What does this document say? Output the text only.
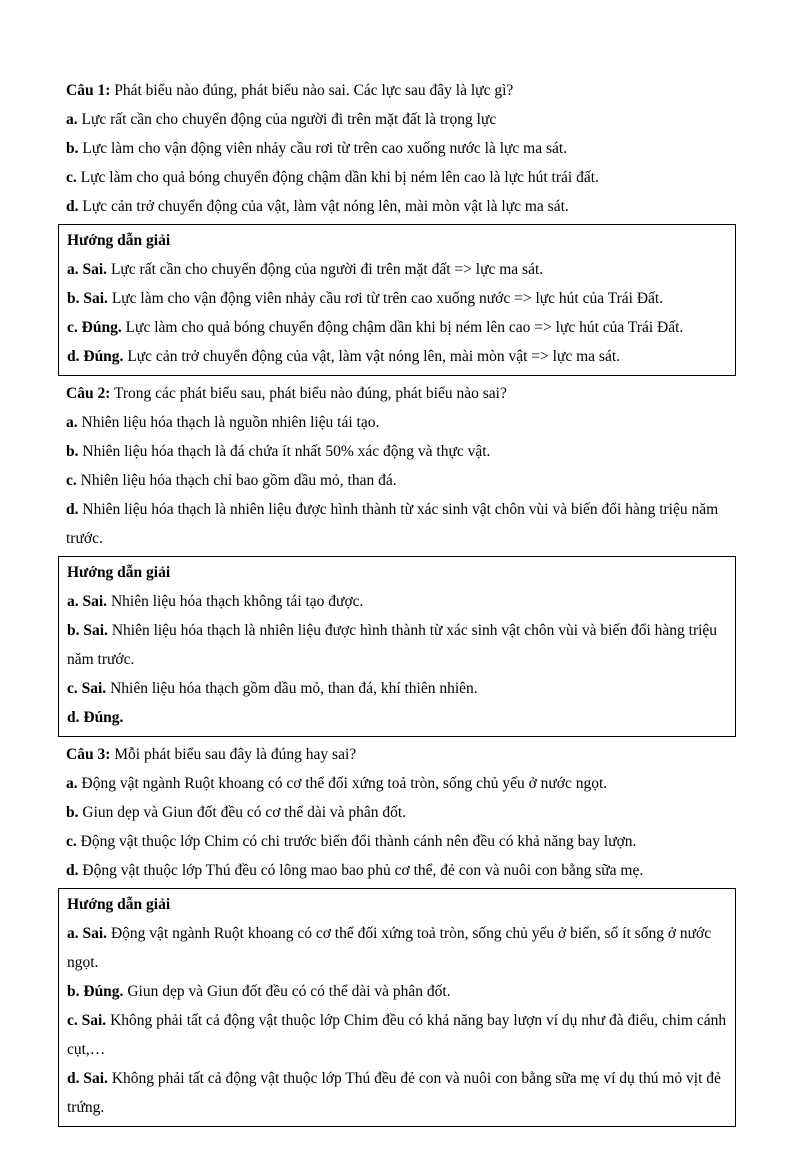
Câu 1: Phát biểu nào đúng, phát biểu nào sai. Các lực sau đây là lực gì?

a. Lực rất cần cho chuyển động của người đi trên mặt đất là trọng lực

b. Lực làm cho vận động viên nhảy cầu rơi từ trên cao xuống nước là lực ma sát.

c. Lực làm cho quả bóng chuyển động chậm dần khi bị ném lên cao là lực hút trái đất.

d. Lực cản trở chuyển động của vật, làm vật nóng lên, mài mòn vật là lực ma sát.

Hướng dẫn giải

a. Sai. Lực rất cần cho chuyển động của người đi trên mặt đất => lực ma sát.

b. Sai. Lực làm cho vận động viên nhảy cầu rơi từ trên cao xuống nước => lực hút của Trái Đất.

c. Đúng. Lực làm cho quả bóng chuyển động chậm dần khi bị ném lên cao => lực hút của Trái Đất.

d. Đúng. Lực cản trở chuyển động của vật, làm vật nóng lên, mài mòn vật => lực ma sát.

Câu 2: Trong các phát biểu sau, phát biểu nào đúng, phát biểu nào sai?

a. Nhiên liệu hóa thạch là nguồn nhiên liệu tái tạo.

b. Nhiên liệu hóa thạch là đá chứa ít nhất 50% xác động và thực vật.

c. Nhiên liệu hóa thạch chỉ bao gồm dầu mỏ, than đá.

d. Nhiên liệu hóa thạch là nhiên liệu được hình thành từ xác sinh vật chôn vùi và biến đổi hàng triệu năm trước.

Hướng dẫn giải

a. Sai. Nhiên liệu hóa thạch không tái tạo được.

b. Sai. Nhiên liệu hóa thạch là nhiên liệu được hình thành từ xác sinh vật chôn vùi và biến đổi hàng triệu năm trước.

c. Sai. Nhiên liệu hóa thạch gồm dầu mỏ, than đá, khí thiên nhiên.

d. Đúng.

Câu 3: Mỗi phát biểu sau đây là đúng hay sai?

a. Động vật ngành Ruột khoang có cơ thể đối xứng toả tròn, sống chủ yếu ở nước ngọt.

b. Giun dẹp và Giun đốt đều có cơ thể dài và phân đốt.

c. Động vật thuộc lớp Chim có chi trước biến đổi thành cánh nên đều có khả năng bay lượn.

d. Động vật thuộc lớp Thú đều có lông mao bao phủ cơ thể, đẻ con và nuôi con bằng sữa mẹ.

Hướng dẫn giải

a. Sai. Động vật ngành Ruột khoang có cơ thể đối xứng toả tròn, sống chủ yếu ở biển, số ít sống ở nước ngọt.

b. Đúng. Giun dẹp và Giun đốt đều có có thể dài và phân đốt.

c. Sai. Không phải tất cả động vật thuộc lớp Chim đều có khả năng bay lượn ví dụ như đà điểu, chim cánh cụt,…

d. Sai. Không phải tất cả động vật thuộc lớp Thú đều đẻ con và nuôi con bằng sữa mẹ ví dụ thú mỏ vịt đẻ trứng.
